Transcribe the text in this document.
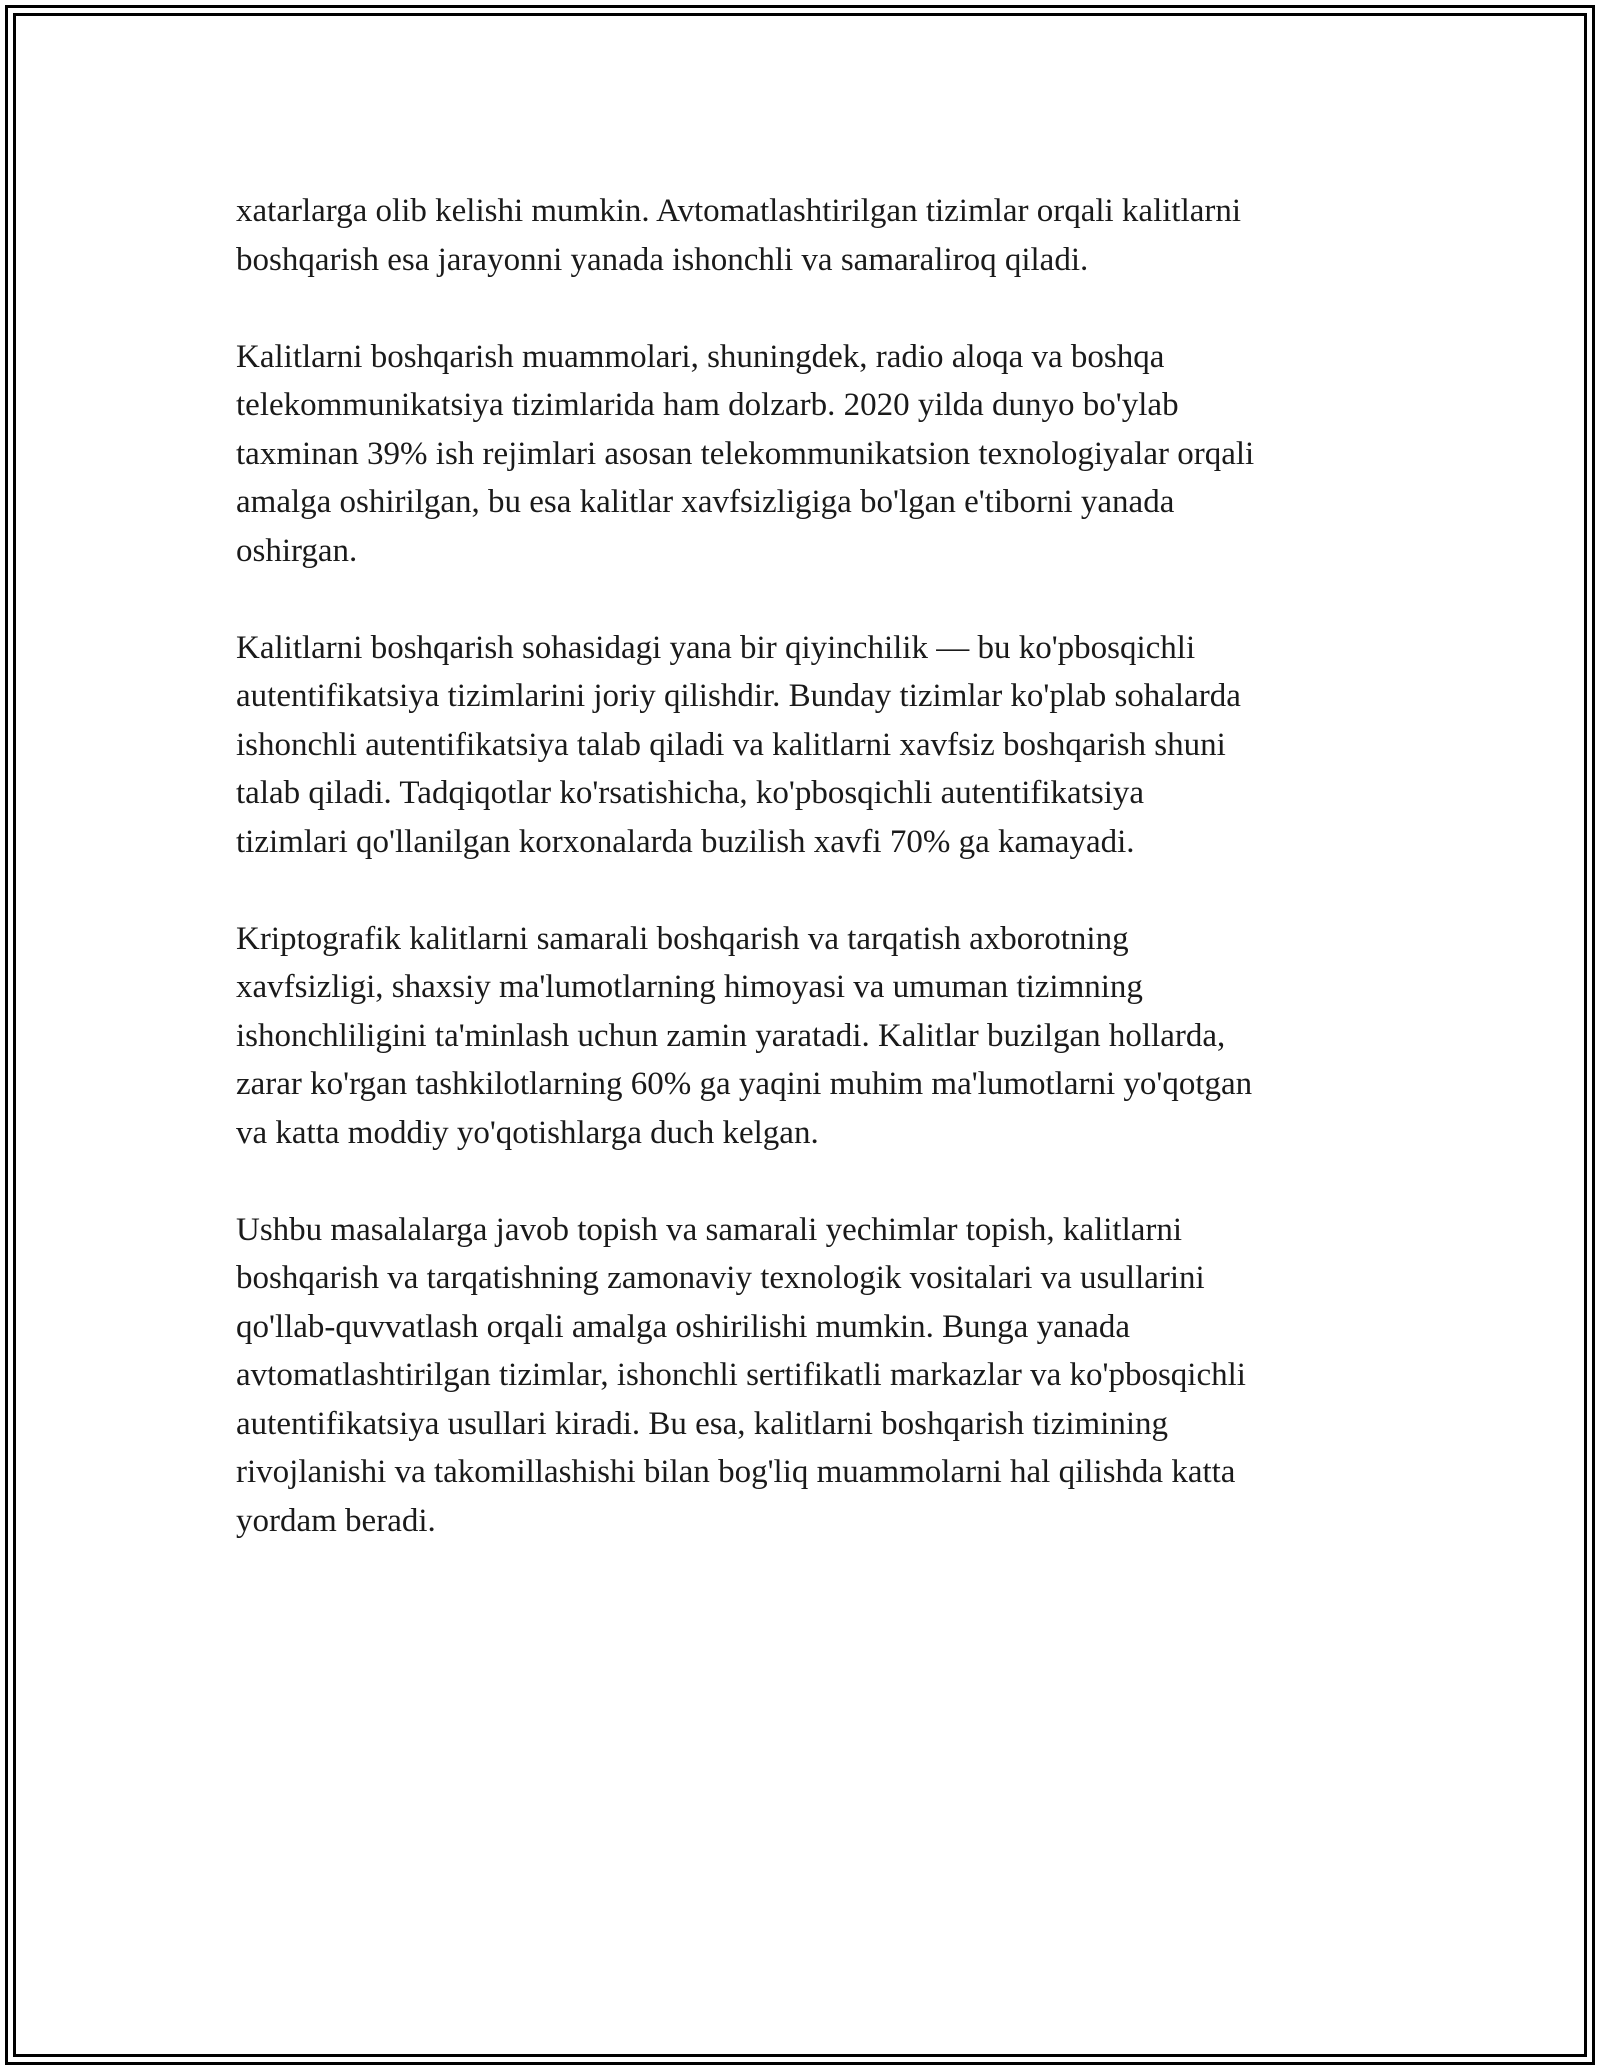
xatarlarga olib kelishi mumkin. Avtomatlashtirilgan tizimlar orqali kalitlarni
boshqarish esa jarayonni yanada ishonchli va samaraliroq qiladi.

Kalitlarni boshqarish muammolari, shuningdek, radio aloqa va boshqa
telekommunikatsiya tizimlarida ham dolzarb. 2020 yilda dunyo bo'ylab
taxminan 39% ish rejimlari asosan telekommunikatsion texnologiyalar orqali
amalga oshirilgan, bu esa kalitlar xavfsizligiga bo'lgan e'tiborni yanada
oshirgan.

Kalitlarni boshqarish sohasidagi yana bir qiyinchilik — bu ko'pbosqichli
autentifikatsiya tizimlarini joriy qilishdir. Bunday tizimlar ko'plab sohalarda
ishonchli autentifikatsiya talab qiladi va kalitlarni xavfsiz boshqarish shuni
talab qiladi. Tadqiqotlar ko'rsatishicha, ko'pbosqichli autentifikatsiya
tizimlari qo'llanilgan korxonalarda buzilish xavfi 70% ga kamayadi.

Kriptografik kalitlarni samarali boshqarish va tarqatish axborotning
xavfsizligi, shaxsiy ma'lumotlarning himoyasi va umuman tizimning
ishonchliligini ta'minlash uchun zamin yaratadi. Kalitlar buzilgan hollarda,
zarar ko'rgan tashkilotlarning 60% ga yaqini muhim ma'lumotlarni yo'qotgan
va katta moddiy yo'qotishlarga duch kelgan.

Ushbu masalalarga javob topish va samarali yechimlar topish, kalitlarni
boshqarish va tarqatishning zamonaviy texnologik vositalari va usullarini
qo'llab-quvvatlash orqali amalga oshirilishi mumkin. Bunga yanada
avtomatlashtirilgan tizimlar, ishonchli sertifikatli markazlar va ko'pbosqichli
autentifikatsiya usullari kiradi. Bu esa, kalitlarni boshqarish tizimining
rivojlanishi va takomillashishi bilan bog'liq muammolarni hal qilishda katta
yordam beradi.
